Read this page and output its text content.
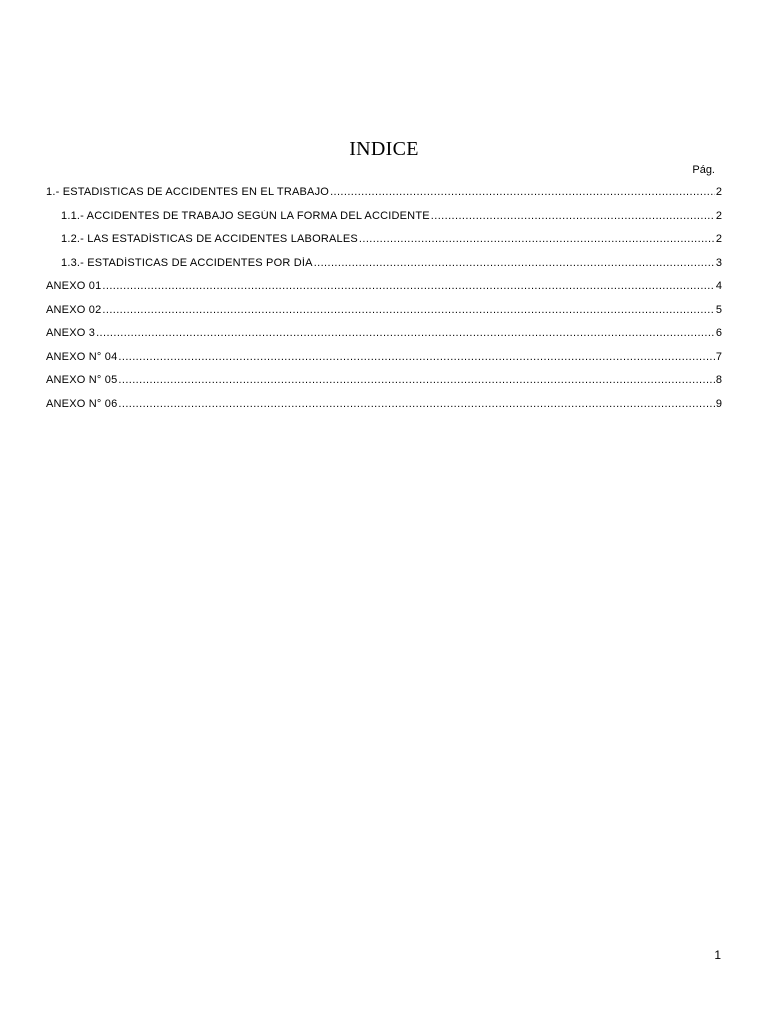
INDICE
Pág.
1.- ESTADISTICAS DE ACCIDENTES EN EL TRABAJO .....	2
1.1.- ACCIDENTES DE TRABAJO SEGÚN LA FORMA DEL ACCIDENTE .....	2
1.2.- LAS ESTADÍSTICAS DE ACCIDENTES LABORALES .....	2
1.3.- ESTADÍSTICAS DE ACCIDENTES POR DÍA .....	3
ANEXO 01 .....	4
ANEXO 02 .....	5
ANEXO 3 .....	6
ANEXO N° 04 .....	7
ANEXO N° 05 .....	8
ANEXO N° 06 .....	9
1
